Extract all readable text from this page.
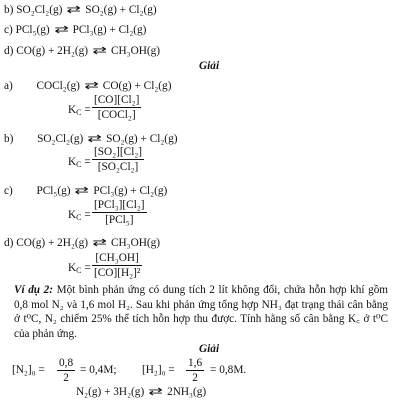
b) SO₂Cl₂(g) ⇄ SO₂(g) + Cl₂(g)
c) PCl₅(g) ⇄ PCl₃(g) + Cl₂(g)
d) CO(g) + 2H₂(g) ⇄ CH₃OH(g)
Giải
a) COCl₂(g) ⇄ CO(g) + Cl₂(g)
$K_C$ =
[CO][Cl₂]
[COCl₂]
b) SO₂Cl₂(g) ⇄ SO₂(g) + Cl₂(g)
$K_C$ =
[SO₂][Cl₂]
[SO₂Cl₂]
c) PCl₅(g) ⇄ PCl₃(g) + Cl₂(g)
$K_C$ =
[PCl₃][Cl₂]
[PCl₅]
d) CO(g) + 2H₂(g) ⇄ CH₃OH(g)
$K_C$ =
[CH₃OH]
[CO][H₂]²
Ví dụ 2: Một bình phản ứng có dung tích 2 lít không đổi, chứa hỗn hợp khí gồm 0,8 mol N₂ và 1,6 mol H₂. Sau khi phản ứng tổng hợp NH₃ đạt trạng thái cân bằng ở t⁰C, N₂ chiếm 25% thể tích hỗn hợp thu được. Tính hằng số cân bằng K꜀ ở t⁰C của phản ứng.
Giải
[N₂]₀ =
0,8
2
= 0,4M; [H₂]₀ =
1,6
2
= 0,8M.
N₂(g) + 3H₂(g) ⇄ 2NH₃(g)
